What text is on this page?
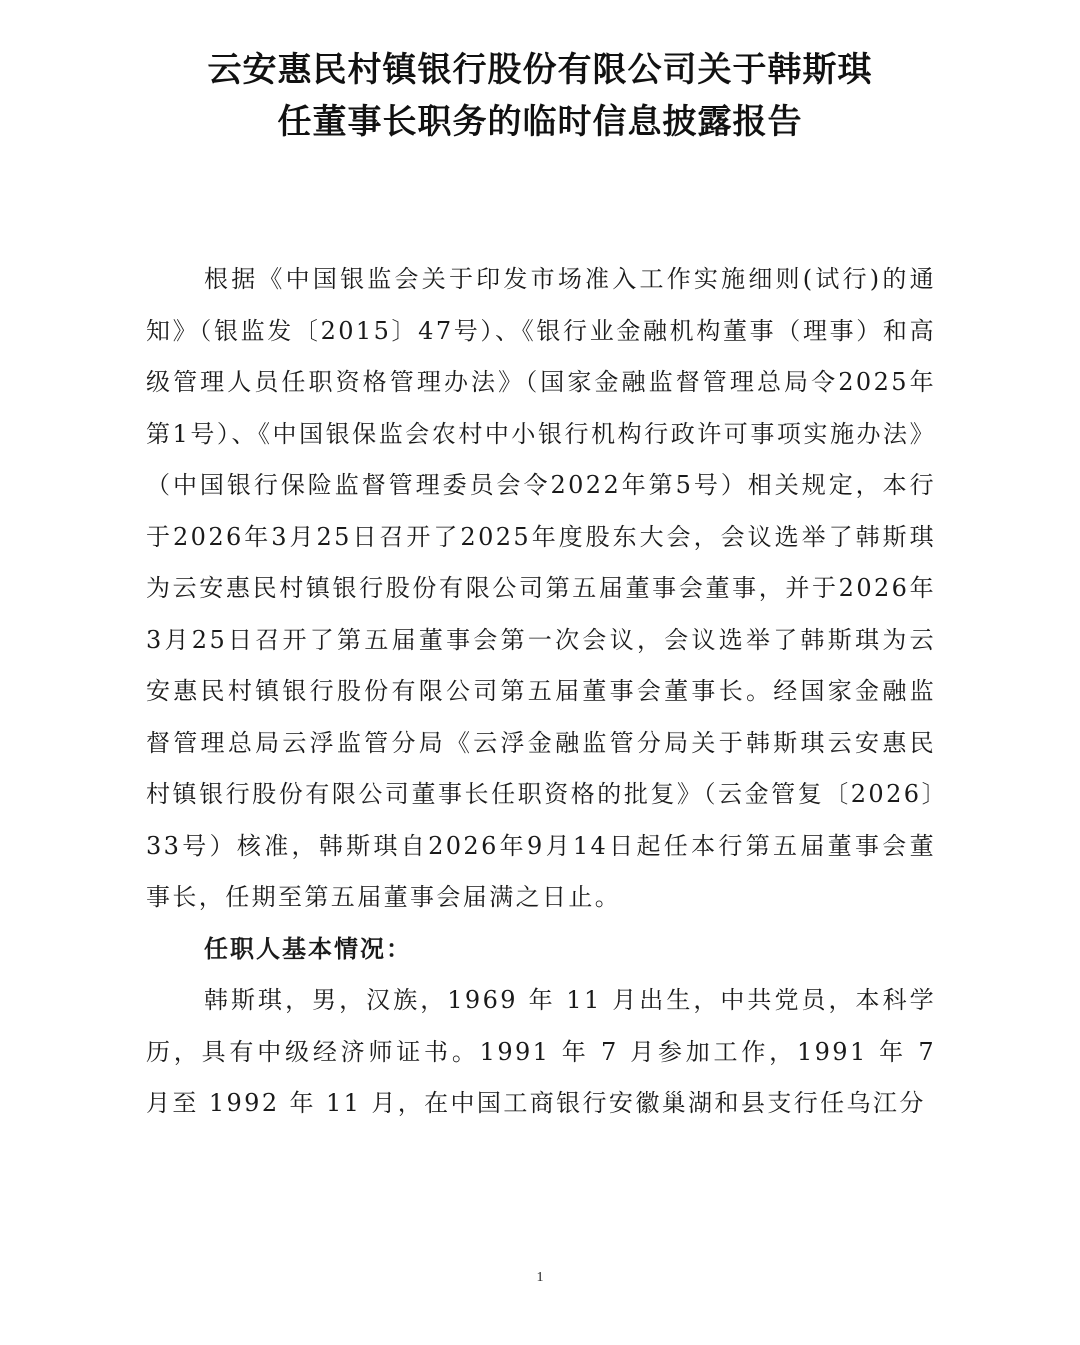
云安惠民村镇银行股份有限公司关于韩斯琪
任董事长职务的临时信息披露报告

根据《中国银监会关于印发市场准入工作实施细则(试行)的通知》（银监发〔2015〕47号）、《银行业金融机构董事（理事）和高级管理人员任职资格管理办法》（国家金融监督管理总局令2025年第1号）、《中国银保监会农村中小银行机构行政许可事项实施办法》（中国银行保险监督管理委员会令2022年第5号）相关规定，本行于2026年3月25日召开了2025年度股东大会，会议选举了韩斯琪为云安惠民村镇银行股份有限公司第五届董事会董事，并于2026年3月25日召开了第五届董事会第一次会议，会议选举了韩斯琪为云安惠民村镇银行股份有限公司第五届董事会董事长。经国家金融监督管理总局云浮监管分局《云浮金融监管分局关于韩斯琪云安惠民村镇银行股份有限公司董事长任职资格的批复》（云金管复〔2026〕33号）核准，韩斯琪自2026年9月14日起任本行第五届董事会董事长，任期至第五届董事会届满之日止。

任职人基本情况：

韩斯琪，男，汉族，1969 年 11 月出生，中共党员，本科学历，具有中级经济师证书。1991 年 7 月参加工作，1991 年 7 月至 1992 年 11 月，在中国工商银行安徽巢湖和县支行任乌江分

1
